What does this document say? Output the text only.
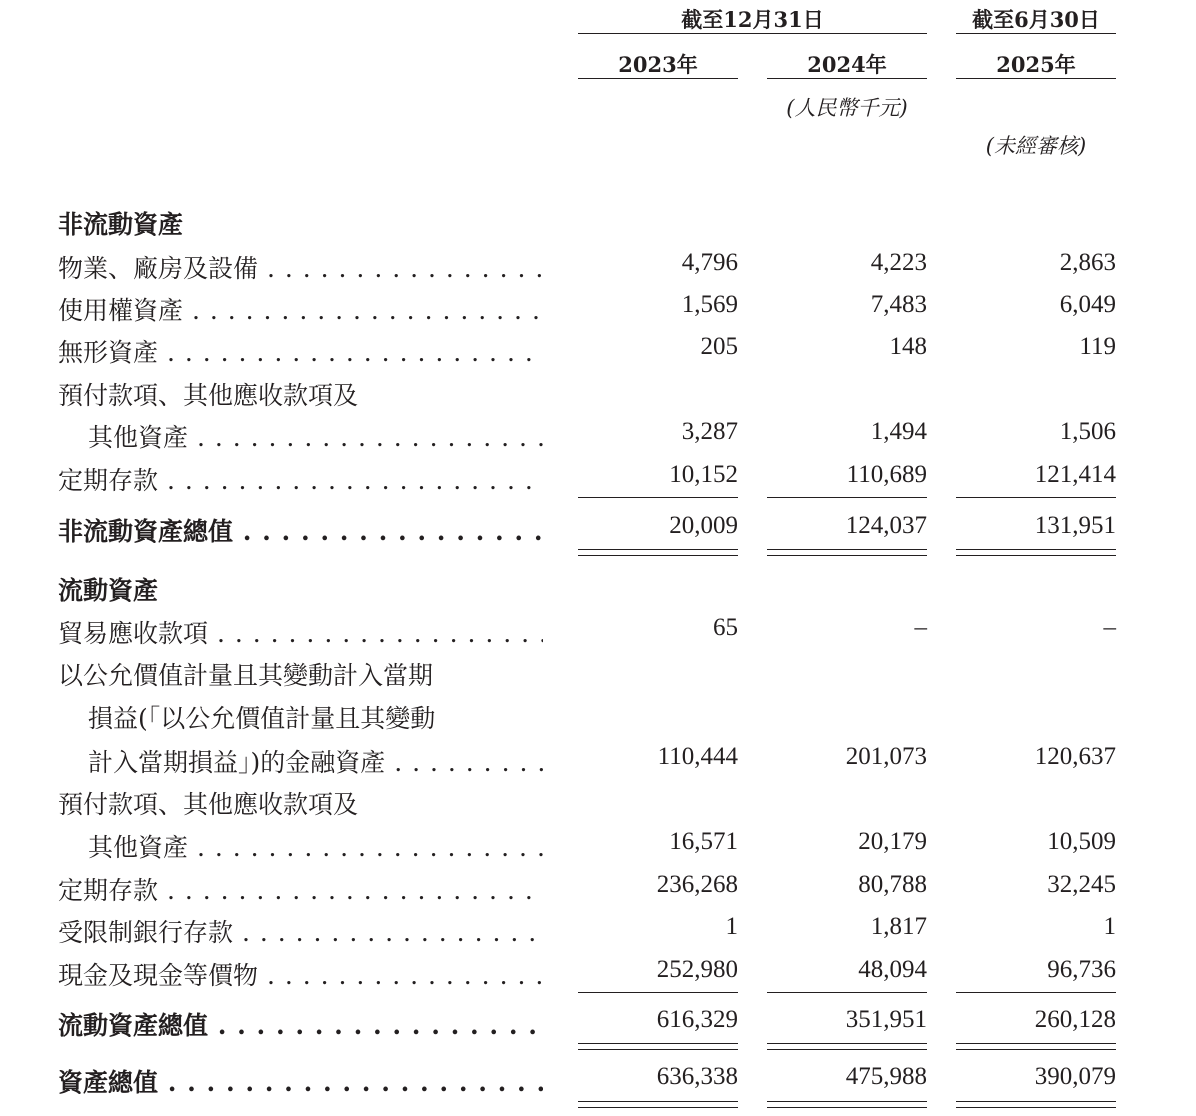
截至12月31日	截至6月30日
2023年	2024年	2025年
(人民幣千元)
(未經審核)
非流動資產
物業、廠房及設備 . . .	4,796	4,223	2,863
使用權資產 . . .	1,569	7,483	6,049
無形資產 . . .	205	148	119
預付款項、其他應收款項及
其他資產 . . .	3,287	1,494	1,506
定期存款 . . .	10,152	110,689	121,414
非流動資產總值 . . .	20,009	124,037	131,951
流動資產
貿易應收款項 . . .	65	–	–
以公允價值計量且其變動計入當期
損益(「以公允價值計量且其變動
計入當期損益」)的金融資產 . . .	110,444	201,073	120,637
預付款項、其他應收款項及
其他資產 . . .	16,571	20,179	10,509
定期存款 . . .	236,268	80,788	32,245
受限制銀行存款 . . .	1	1,817	1
現金及現金等價物 . . .	252,980	48,094	96,736
流動資產總值 . . .	616,329	351,951	260,128
資產總值 . . .	636,338	475,988	390,079
